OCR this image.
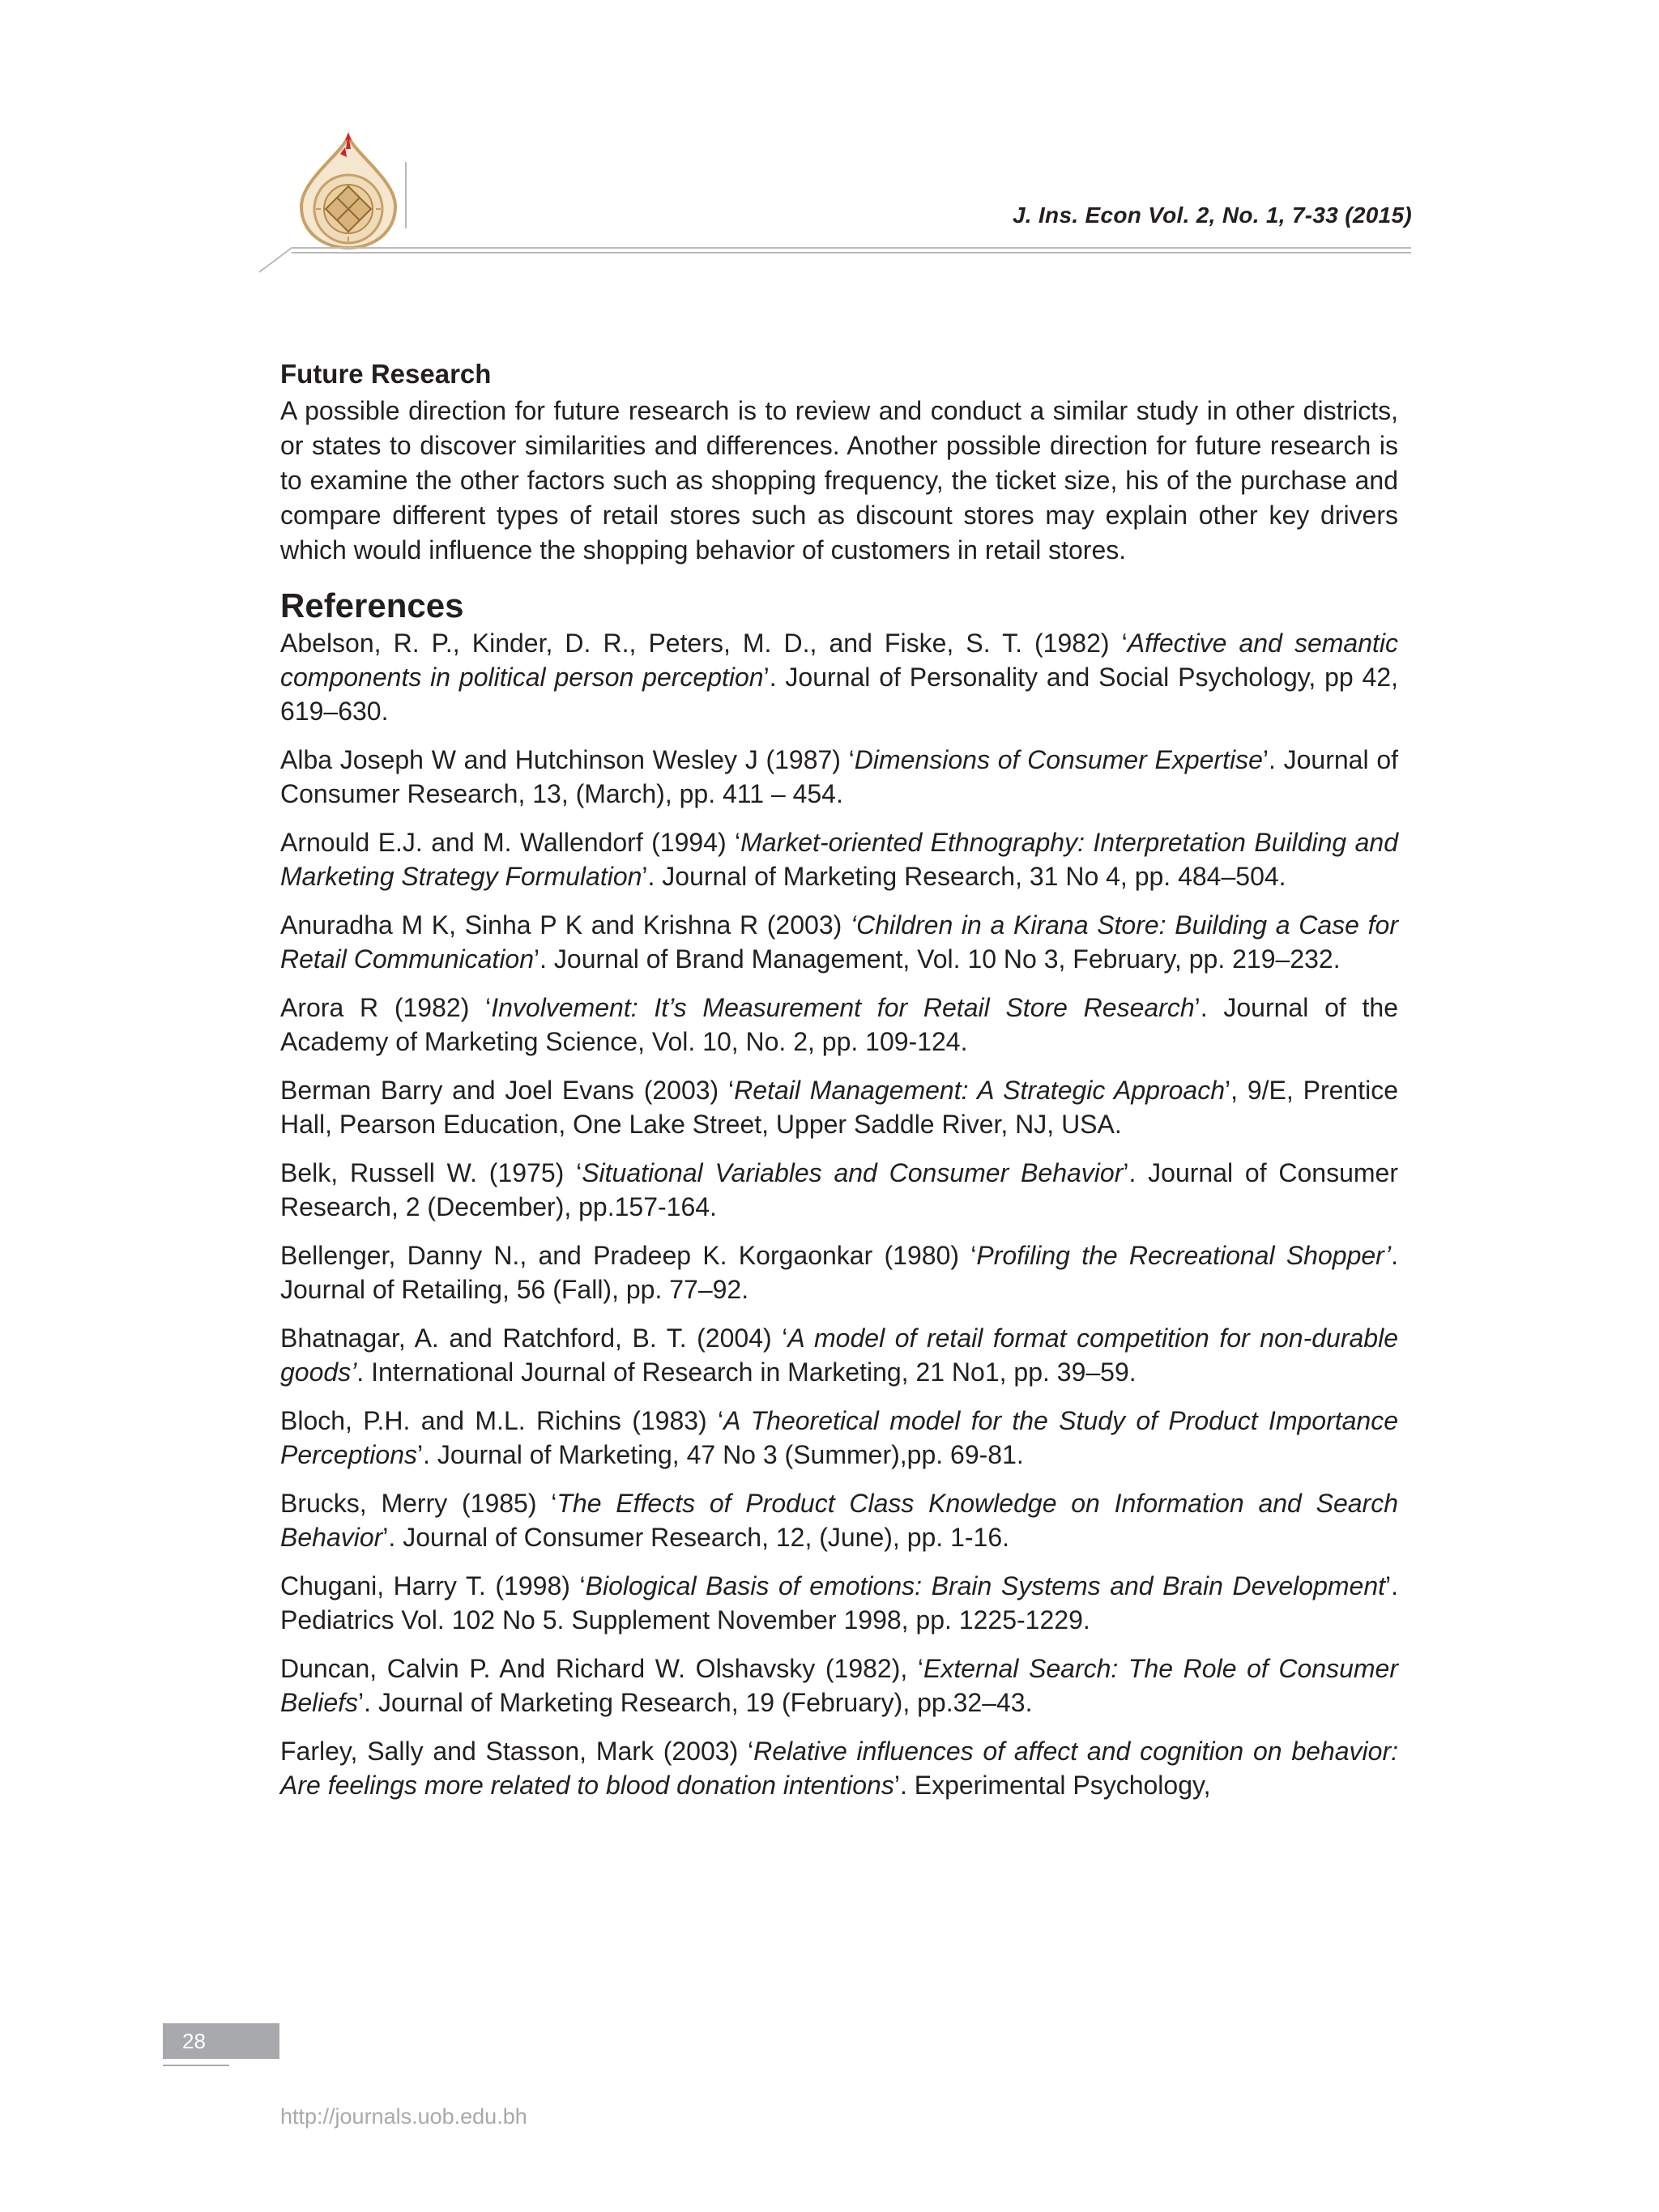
J. Ins. Econ Vol. 2, No. 1, 7-33 (2015)
Future Research

A possible direction for future research is to review and conduct a similar study in other districts, or states to discover similarities and differences. Another possible direction for future research is to examine the other factors such as shopping frequency, the ticket size, his of the purchase and compare different types of retail stores such as discount stores may explain other key drivers which would influence the shopping behavior of customers in retail stores.

References

Abelson, R. P., Kinder, D. R., Peters, M. D., and Fiske, S. T. (1982) ‘Affective and semantic components in political person perception’. Journal of Personality and Social Psychology, pp 42, 619–630.

Alba Joseph W and Hutchinson Wesley J (1987) ‘Dimensions of Consumer Expertise’. Journal of Consumer Research, 13, (March), pp. 411 – 454.

Arnould E.J. and M. Wallendorf (1994) ‘Market-oriented Ethnography: Interpretation Building and Marketing Strategy Formulation’. Journal of Marketing Research, 31 No 4, pp. 484–504.

Anuradha M K, Sinha P K and Krishna R (2003) ‘Children in a Kirana Store: Building a Case for Retail Communication’. Journal of Brand Management, Vol. 10 No 3, February, pp. 219–232.

Arora R (1982) ‘Involvement: It’s Measurement for Retail Store Research’. Journal of the Academy of Marketing Science, Vol. 10, No. 2, pp. 109-124.

Berman Barry and Joel Evans (2003) ‘Retail Management: A Strategic Approach’, 9/E, Prentice Hall, Pearson Education, One Lake Street, Upper Saddle River, NJ, USA.

Belk, Russell W. (1975) ‘Situational Variables and Consumer Behavior’. Journal of Consumer Research, 2 (December), pp.157-164.

Bellenger, Danny N., and Pradeep K. Korgaonkar (1980) ‘Profiling the Recreational Shopper’. Journal of Retailing, 56 (Fall), pp. 77–92.

Bhatnagar, A. and Ratchford, B. T. (2004) ‘A model of retail format competition for non-durable goods’. International Journal of Research in Marketing, 21 No1, pp. 39–59.

Bloch, P.H. and M.L. Richins (1983) ‘A Theoretical model for the Study of Product Importance Perceptions’. Journal of Marketing, 47 No 3 (Summer),pp. 69-81.

Brucks, Merry (1985) ‘The Effects of Product Class Knowledge on Information and Search Behavior’. Journal of Consumer Research, 12, (June), pp. 1-16.

Chugani, Harry T. (1998) ‘Biological Basis of emotions: Brain Systems and Brain Development’. Pediatrics Vol. 102 No 5. Supplement November 1998, pp. 1225-1229.

Duncan, Calvin P. And Richard W. Olshavsky (1982), ‘External Search: The Role of Consumer Beliefs’. Journal of Marketing Research, 19 (February), pp.32–43.

Farley, Sally and Stasson, Mark (2003) ‘Relative influences of affect and cognition on behavior: Are feelings more related to blood donation intentions’. Experimental Psychology,

28
http://journals.uob.edu.bh
